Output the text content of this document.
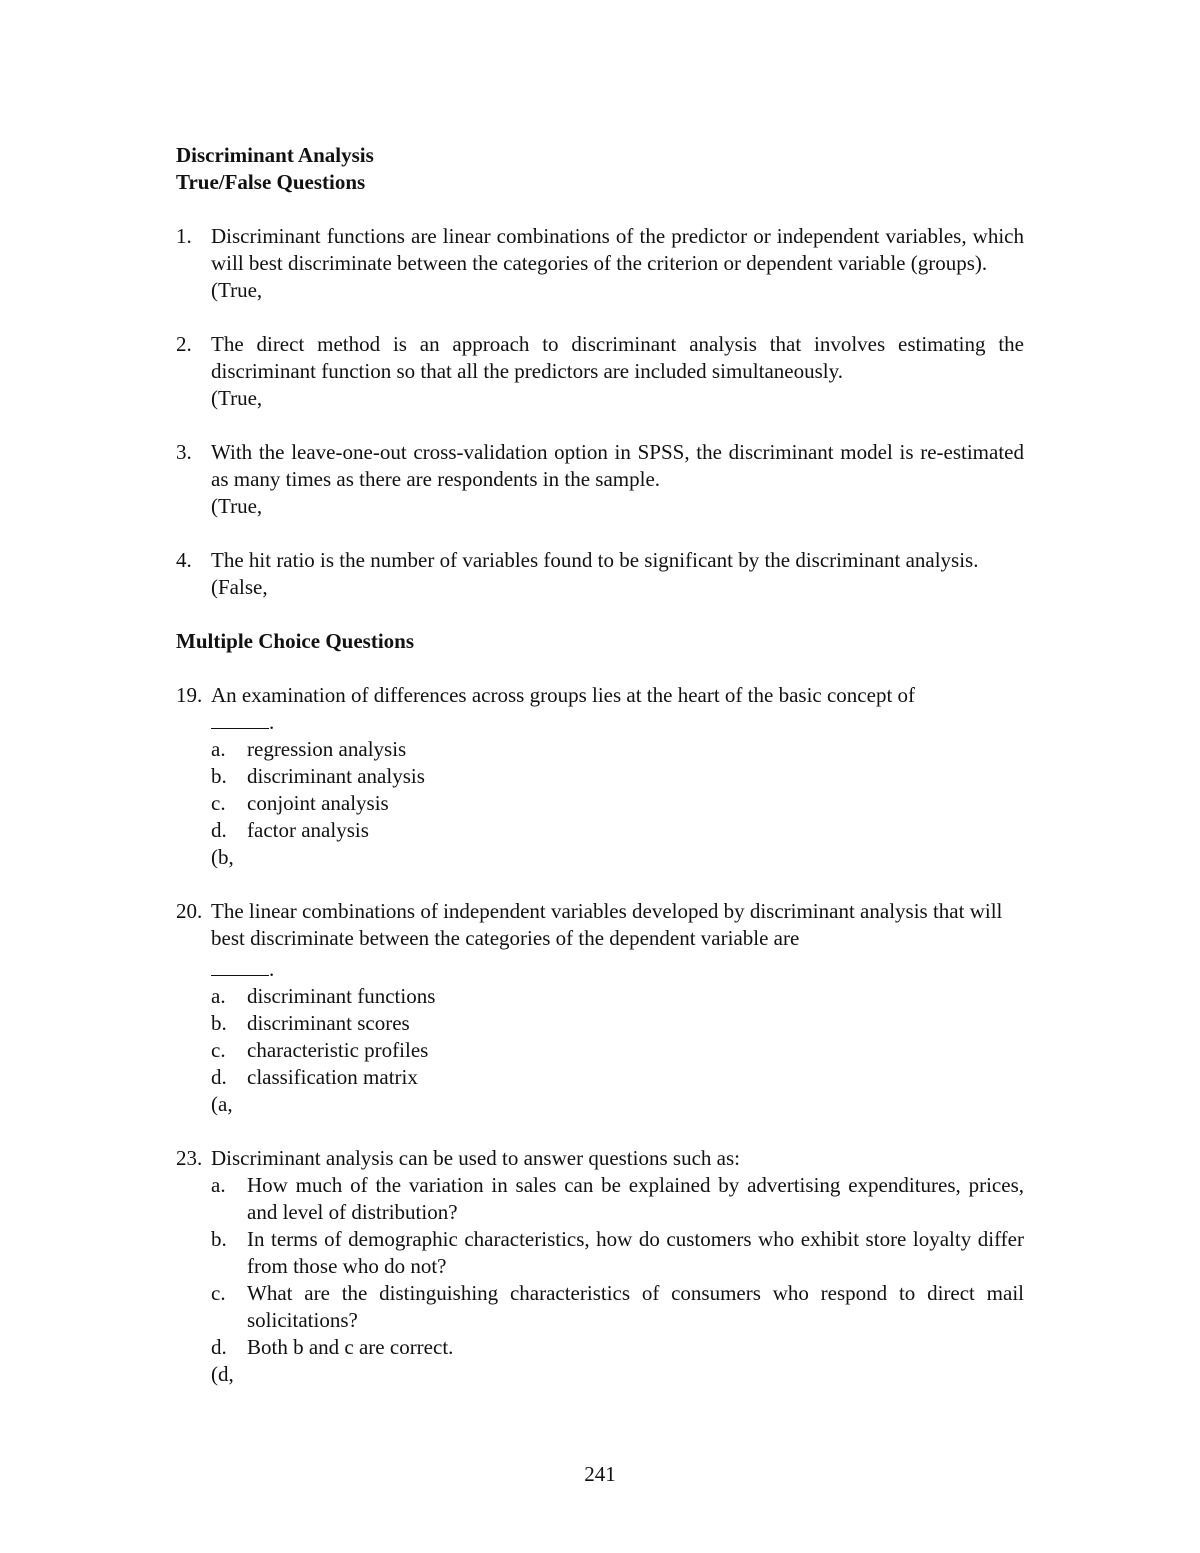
Discriminant Analysis
True/False Questions
1. Discriminant functions are linear combinations of the predictor or independent variables, which will best discriminate between the categories of the criterion or dependent variable (groups).
(True,
2. The direct method is an approach to discriminant analysis that involves estimating the discriminant function so that all the predictors are included simultaneously.
(True,
3. With the leave-one-out cross-validation option in SPSS, the discriminant model is re-estimated as many times as there are respondents in the sample.
(True,
4. The hit ratio is the number of variables found to be significant by the discriminant analysis.
(False,
Multiple Choice Questions
19. An examination of differences across groups lies at the heart of the basic concept of
.
a. regression analysis
b. discriminant analysis
c. conjoint analysis
d. factor analysis
(b,
20. The linear combinations of independent variables developed by discriminant analysis that will best discriminate between the categories of the dependent variable are
.
a. discriminant functions
b. discriminant scores
c. characteristic profiles
d. classification matrix
(a,
23. Discriminant analysis can be used to answer questions such as:
a. How much of the variation in sales can be explained by advertising expenditures, prices, and level of distribution?
b. In terms of demographic characteristics, how do customers who exhibit store loyalty differ from those who do not?
c. What are the distinguishing characteristics of consumers who respond to direct mail solicitations?
d. Both b and c are correct.
(d,
241
